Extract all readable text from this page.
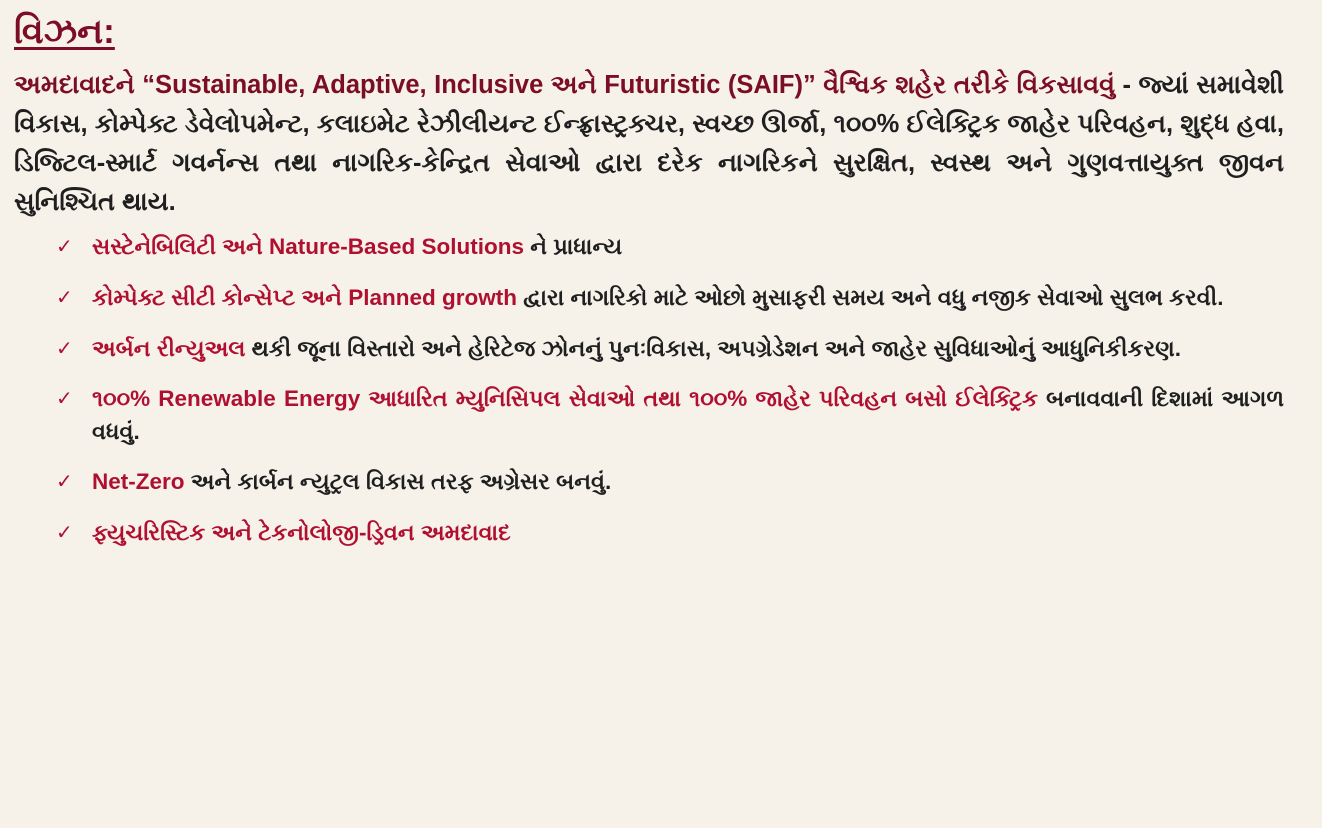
વિઝન:

અમદાવાદને “Sustainable, Adaptive, Inclusive અને Futuristic (SAIF)” વૈશ્વિક શહેર તરીકે વિકસાવવું - જ્યાં સમાવેશી વિકાસ, કોમ્પેક્ટ ડેવેલોપમેન્ટ, કલાઇમેટ રેઝીલીયન્ટ ઈન્ફ્રાસ્ટ્રક્ચર, સ્વચ્છ ઊર્જા, ૧૦૦% ઈલેક્ટ્રિક જાહેર પરિવહન, શુદ્ધ હવા, ડિજ્ટિલ-સ્માર્ટ ગવર્નન્સ તથા નાગરિક-કેન્દ્રિત સેવાઓ દ્વારા દરેક નાગરિકને સુરક્ષિત, સ્વસ્થ અને ગુણવત્તાયુક્ત જીવન સુનિશ્ચિત થાય.

✓ સસ્ટેનેબિલિટી અને Nature-Based Solutions ને પ્રાધાન્ય
✓ કોમ્પેક્ટ સીટી કોન્સેપ્ટ અને Planned growth દ્વારા નાગરિકો માટે ઓછો મુસાફરી સમય અને વધુ નજીક સેવાઓ સુલભ કરવી.
✓ અર્બન રીન્યુઅલ થકી જૂના વિસ્તારો અને હેરિટેજ ઝોનનું પુનઃવિકાસ, અપગ્રેડેશન અને જાહેર સુવિધાઓનું આધુનિકીકરણ.
✓ ૧૦૦% Renewable Energy આધારિત મ્યુનિસિપલ સેવાઓ તથા ૧૦૦% જાહેર પરિવહન બસો ઈલેક્ટ્રિક બનાવવાની દિશામાં આગળ વધવું.
✓ Net-Zero અને કાર્બન ન્યુટ્રલ વિકાસ તરફ અગ્રેસર બનવું.
✓ ફ્યુચરિસ્ટિક અને ટેકનોલોજી-ડ્રિવન અમદાવાદ
